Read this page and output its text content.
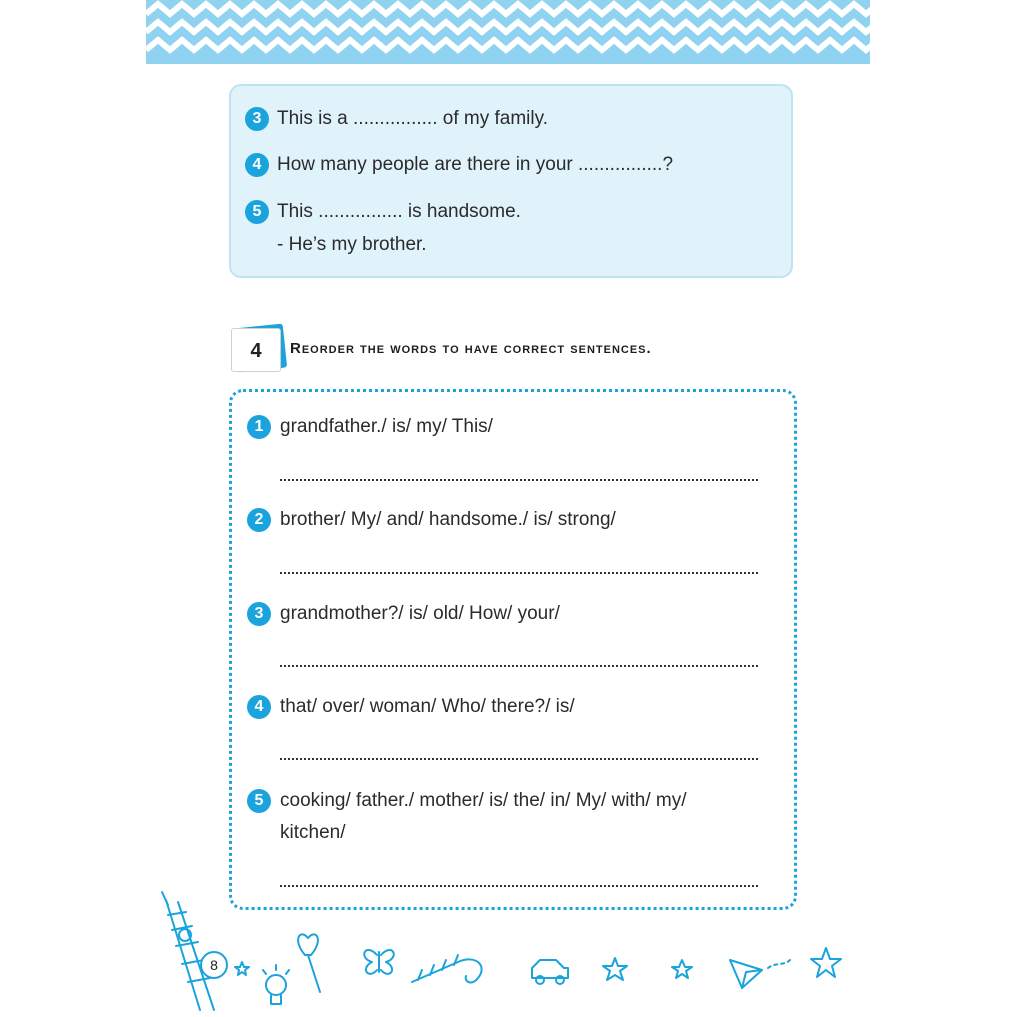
3 This is a ................ of my family.
4 How many people are there in your ................?
5 This ................ is handsome.
- He’s my brother.
4	Reorder the words to have correct sentences.
1 grandfather./ is/ my/ This/
2 brother/ My/ and/ handsome./ is/ strong/
3 grandmother?/ is/ old/ How/ your/
4 that/ over/ woman/ Who/ there?/ is/
5 cooking/ father./ mother/ is/ the/ in/ My/ with/ my/
kitchen/
8
